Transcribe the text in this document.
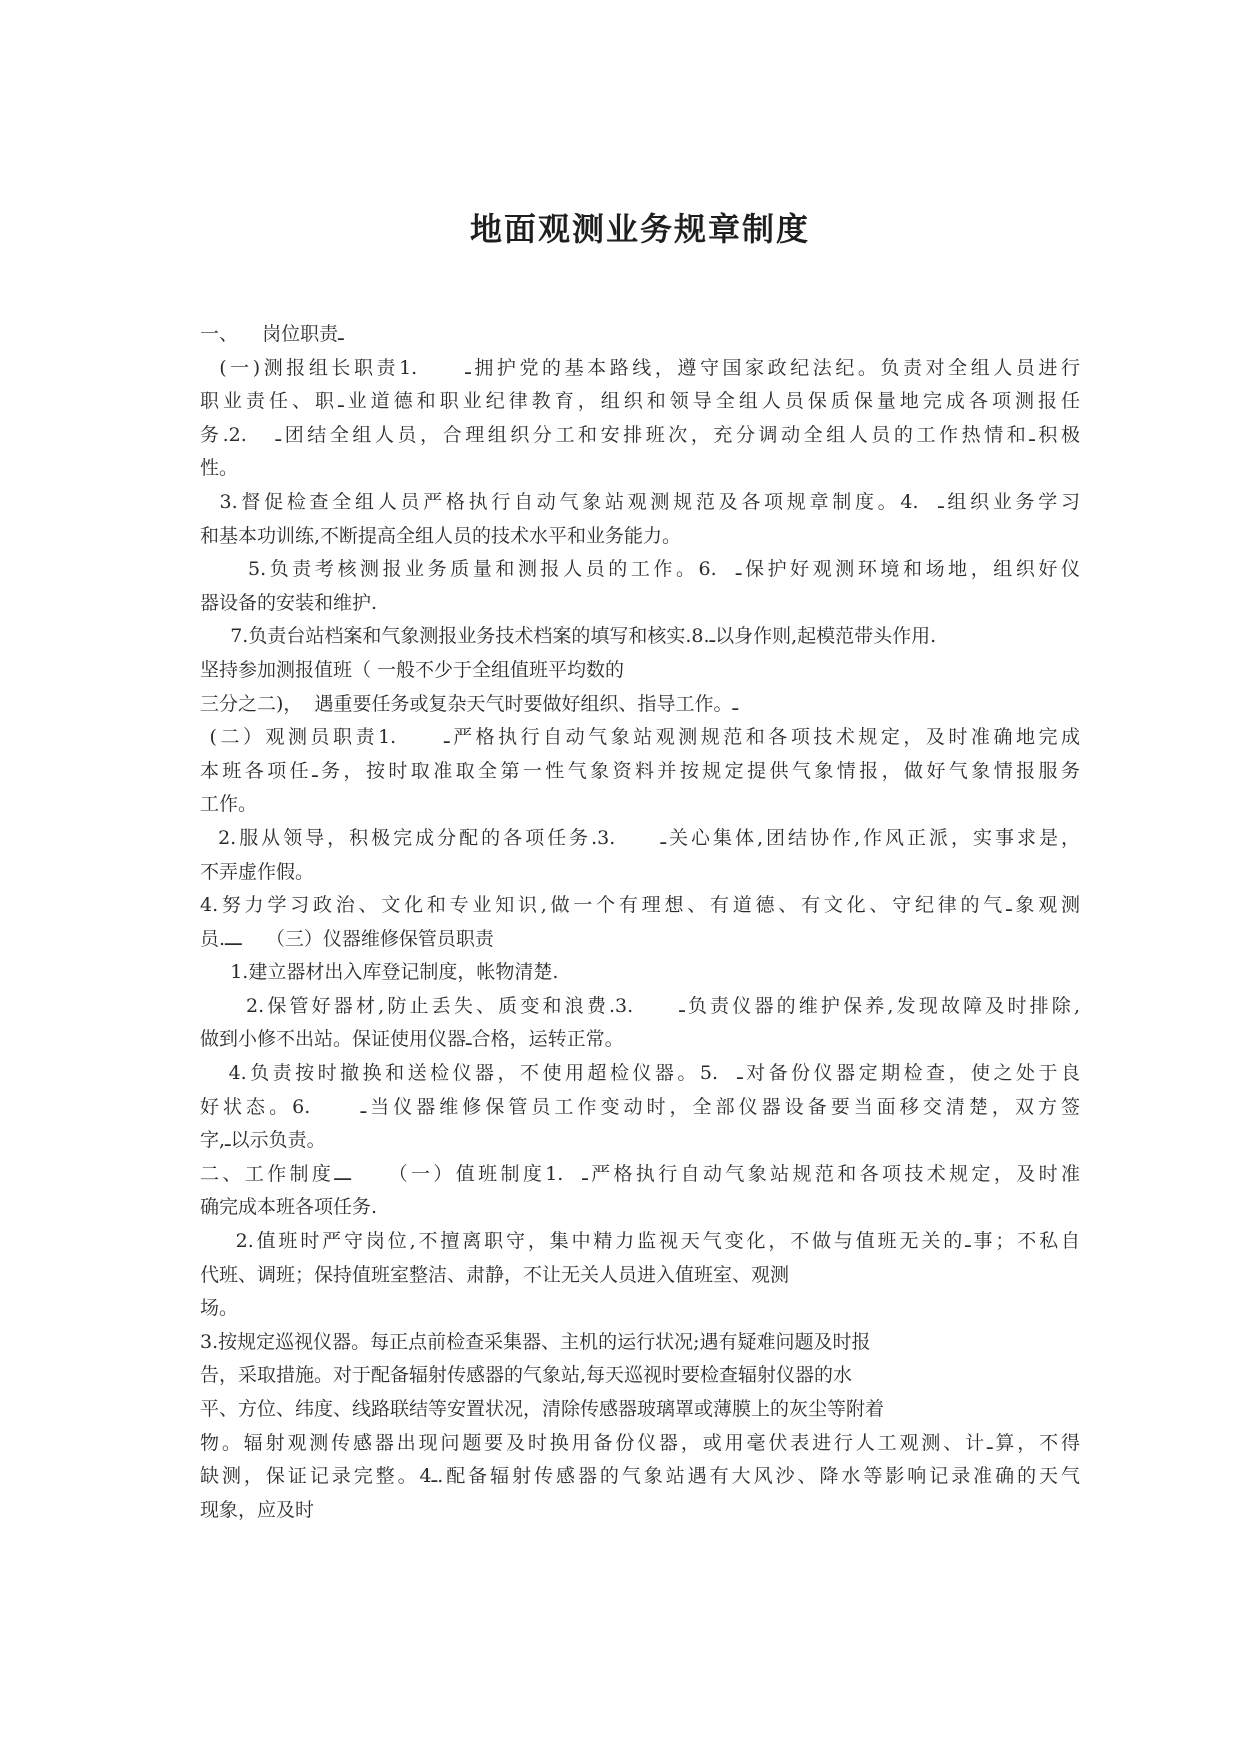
地面观测业务规章制度
一、    岗位职责ـ
(一)测报组长职责1.     ـ拥护党的基本路线，遵守国家政纪法纪。负责对全组人员进行
职业责任、职ـ业道德和职业纪律教育，组织和领导全组人员保质保量地完成各项测报任
务.2.   ـ团结全组人员，合理组织分工和安排班次，充分调动全组人员的工作热情和ـ积极
性。
3.督促检查全组人员严格执行自动气象站观测规范及各项规章制度。4.  ـ组织业务学习
和基本功训练,不断提高全组人员的技术水平和业务能力。
5.负责考核测报业务质量和测报人员的工作。6.  ـ保护好观测环境和场地，组织好仪
器设备的安装和维护.
7.负责台站档案和气象测报业务技术档案的填写和核实.8.ـ以身作则,起模范带头作用.
坚持参加测报值班（ 一般不少于全组值班平均数的
三分之二)，  遇重要任务或复杂天气时要做好组织、指导工作。ـ
(二）观测员职责1.     ـ严格执行自动气象站观测规范和各项技术规定，及时准确地完成
本班各项任ـ务，按时取准取全第一性气象资料并按规定提供气象情报，做好气象情报服务
工作。
2.服从领导，积极完成分配的各项任务.3.     ـ关心集体,团结协作,作风正派，实事求是，
不弄虚作假。
4.努力学习政治、文化和专业知识,做一个有理想、有道德、有文化、守纪律的气ـ象观测
员.ـــ    （三）仪器维修保管员职责
1.建立器材出入库登记制度，帐物清楚.
2.保管好器材,防止丢失、质变和浪费.3.     ـ负责仪器的维护保养,发现故障及时排除,
做到小修不出站。保证使用仪器ـ合格，运转正常。
4.负责按时撤换和送检仪器，不使用超检仪器。5.  ـ对备份仪器定期检查，使之处于良
好状态。6.     ـ当仪器维修保管员工作变动时，全部仪器设备要当面移交清楚，双方签
字,ـ以示负责。
二、工作制度ـــ    （一）值班制度1.  ـ严格执行自动气象站规范和各项技术规定，及时准
确完成本班各项任务.
2.值班时严守岗位,不擅离职守，集中精力监视天气变化，不做与值班无关的ـ事；不私自
代班、调班；保持值班室整洁、肃静，不让无关人员进入值班室、观测
场。
3.按规定巡视仪器。每正点前检查采集器、主机的运行状况;遇有疑难问题及时报
告，采取措施。对于配备辐射传感器的气象站,每天巡视时要检查辐射仪器的水
平、方位、纬度、线路联结等安置状况，清除传感器玻璃罩或薄膜上的灰尘等附着
物。辐射观测传感器出现问题要及时换用备份仪器，或用毫伏表进行人工观测、计ـ算，不得
缺测，保证记录完整。4ـ.配备辐射传感器的气象站遇有大风沙、降水等影响记录准确的天气
现象，应及时
